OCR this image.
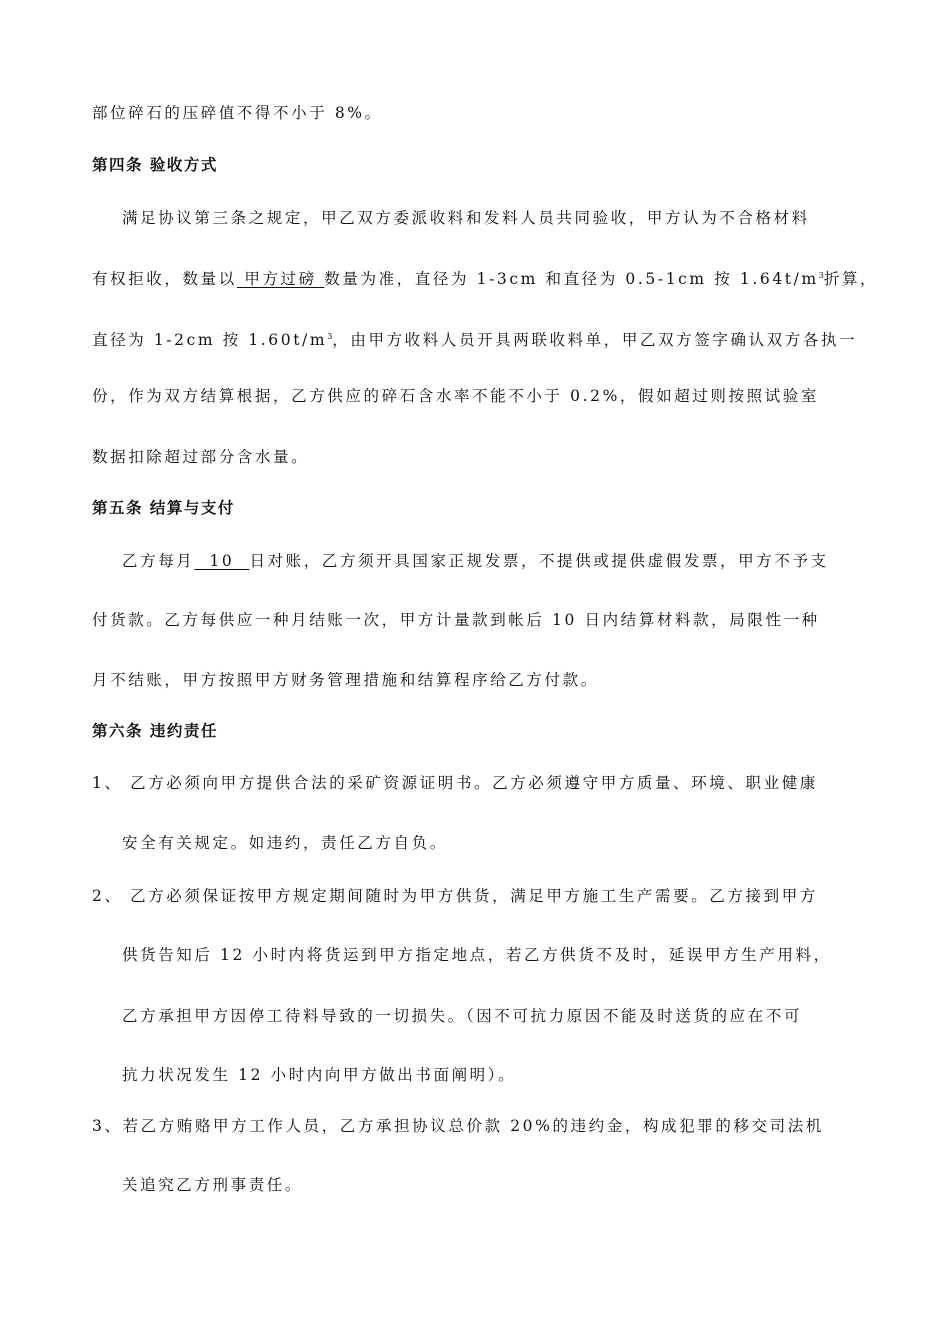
部位碎石的压碎值不得不小于 8%。
第四条 验收方式
满足协议第三条之规定，甲乙双方委派收料和发料人员共同验收，甲方认为不合格材料
有权拒收，数量以 甲方过磅 数量为准，直径为 1-3cm 和直径为 0.5-1cm 按 $1.64t/m^3$折算，
直径为 1-2cm 按 $1.60t/m^3$，由甲方收料人员开具两联收料单，甲乙双方签字确认双方各执一
份，作为双方结算根据，乙方供应的碎石含水率不能不小于 0.2%，假如超过则按照试验室
数据扣除超过部分含水量。
第五条 结算与支付
乙方每月  10  日对账，乙方须开具国家正规发票，不提供或提供虚假发票，甲方不予支
付货款。乙方每供应一种月结账一次，甲方计量款到帐后 10 日内结算材料款，局限性一种
月不结账，甲方按照甲方财务管理措施和结算程序给乙方付款。
第六条 违约责任
1、 乙方必须向甲方提供合法的采矿资源证明书。乙方必须遵守甲方质量、环境、职业健康
安全有关规定。如违约，责任乙方自负。
2、 乙方必须保证按甲方规定期间随时为甲方供货，满足甲方施工生产需要。乙方接到甲方
供货告知后 12 小时内将货运到甲方指定地点，若乙方供货不及时，延误甲方生产用料，
乙方承担甲方因停工待料导致的一切损失。（因不可抗力原因不能及时送货的应在不可
抗力状况发生 12 小时内向甲方做出书面阐明）。
3、若乙方贿赂甲方工作人员，乙方承担协议总价款 20%的违约金，构成犯罪的移交司法机
关追究乙方刑事责任。
